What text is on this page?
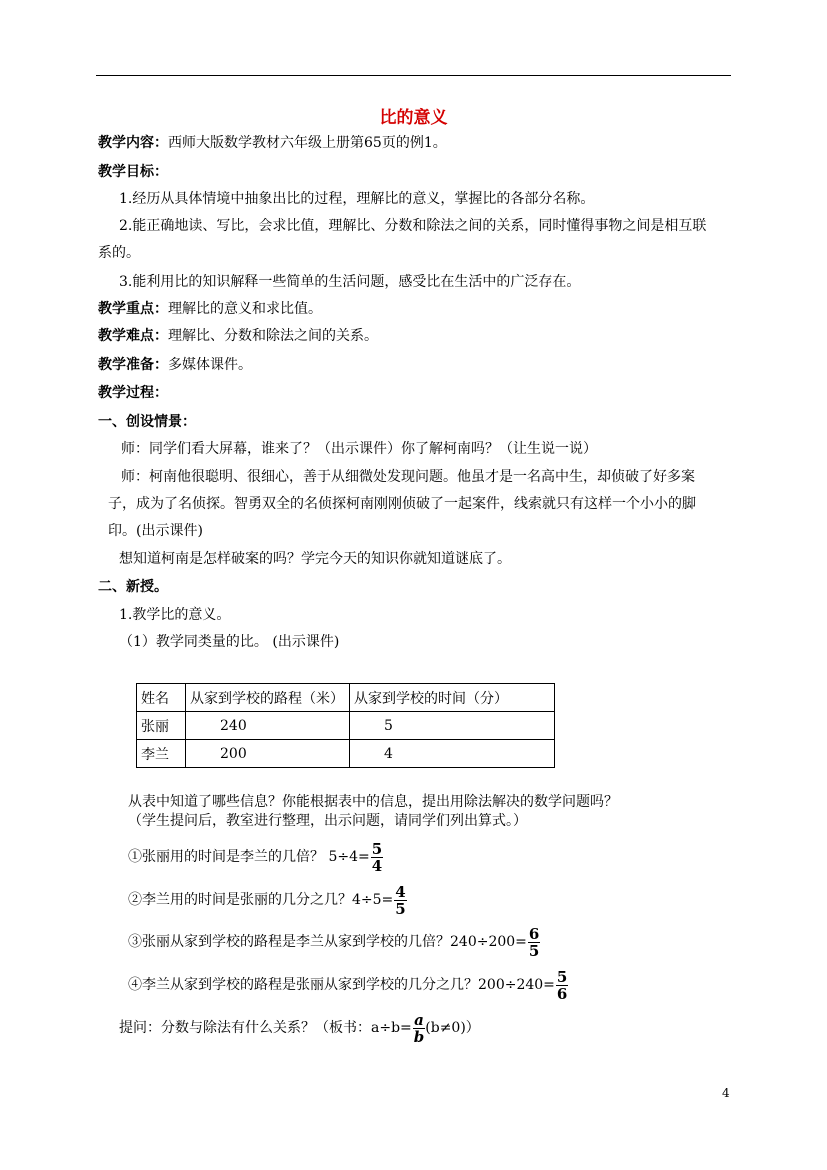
比的意义
教学内容：西师大版数学教材六年级上册第65页的例1。
教学目标：
1.经历从具体情境中抽象出比的过程，理解比的意义，掌握比的各部分名称。
2.能正确地读、写比，会求比值，理解比、分数和除法之间的关系，同时懂得事物之间是相互联
系的。
3.能利用比的知识解释一些简单的生活问题，感受比在生活中的广泛存在。
教学重点：理解比的意义和求比值。
教学难点：理解比、分数和除法之间的关系。
教学准备：多媒体课件。
教学过程：
一、创设情景：
师：同学们看大屏幕，谁来了？（出示课件）你了解柯南吗？（让生说一说）
师：柯南他很聪明、很细心，善于从细微处发现问题。他虽才是一名高中生，却侦破了好多案
子，成为了名侦探。智勇双全的名侦探柯南刚刚侦破了一起案件，线索就只有这样一个小小的脚
印。(出示课件)
想知道柯南是怎样破案的吗？学完今天的知识你就知道谜底了。
二、新授。
1.教学比的意义。
（1）教学同类量的比。 (出示课件)
姓名	从家到学校的路程（米）	从家到学校的时间（分）
张丽	240	5
李兰	200	4
从表中知道了哪些信息？你能根据表中的信息，提出用除法解决的数学问题吗？
（学生提问后，教室进行整理，出示问题，请同学们列出算式。）
①张丽用的时间是李兰的几倍？ $5\div 4= \frac{5}{4}$
②李兰用的时间是张丽的几分之几？$4\div 5= \frac{4}{5}$
③张丽从家到学校的路程是李兰从家到学校的几倍？$240\div 200= \frac{6}{5}$
④李兰从家到学校的路程是张丽从家到学校的几分之几？$200\div 240= \frac{5}{6}$
提问：分数与除法有什么关系？（板书：$a\div b= \frac{a}{b} (b\ne 0)$）
4
